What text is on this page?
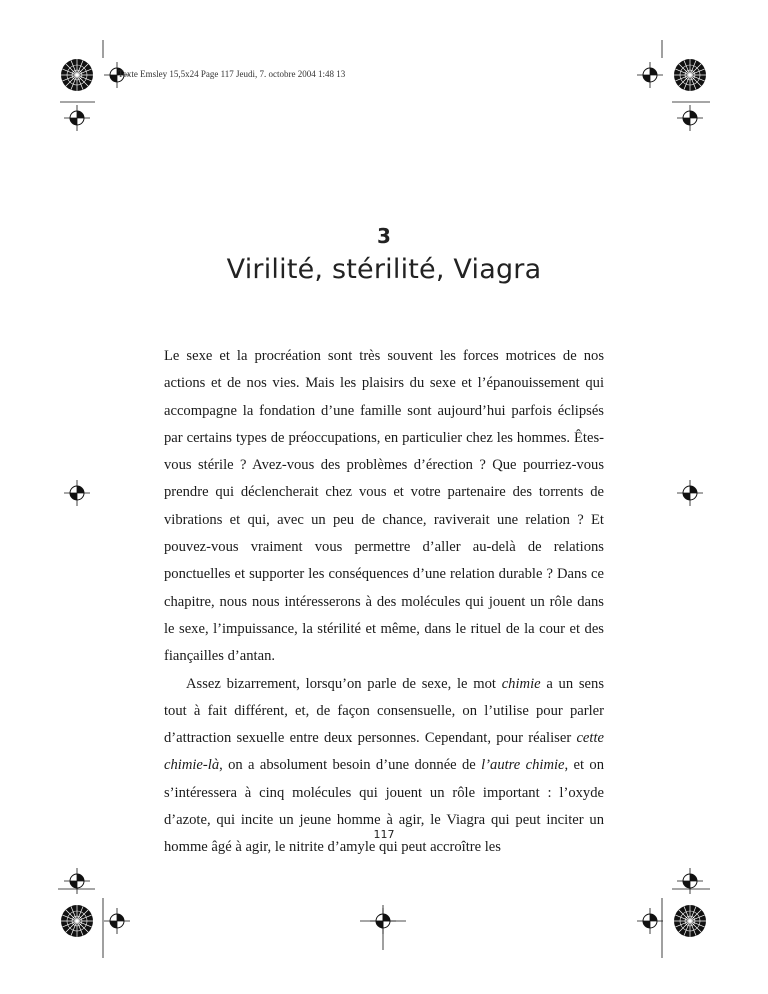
Texte Emsley 15,5x24 Page 117 Jeudi, 7. octobre 2004 1:48 13
3
Virilité, stérilité, Viagra

Le sexe et la procréation sont très souvent les forces motrices de nos actions et de nos vies. Mais les plaisirs du sexe et l’épanouissement qui accompagne la fondation d’une famille sont aujourd’hui parfois éclipsés par certains types de préoccupations, en particulier chez les hommes. Êtes-vous stérile ? Avez-vous des problèmes d’érection ? Que pourriez-vous prendre qui déclencherait chez vous et votre partenaire des torrents de vibrations et qui, avec un peu de chance, raviverait une relation ? Et pouvez-vous vraiment vous permettre d’aller au-delà de relations ponctuelles et supporter les conséquences d’une relation durable ? Dans ce chapitre, nous nous intéresserons à des molécules qui jouent un rôle dans le sexe, l’impuissance, la stérilité et même, dans le rituel de la cour et des fiançailles d’antan.

Assez bizarrement, lorsqu’on parle de sexe, le mot chimie a un sens tout à fait différent, et, de façon consensuelle, on l’utilise pour parler d’attraction sexuelle entre deux personnes. Cependant, pour réaliser cette chimie-là, on a absolument besoin d’une donnée de l’autre chimie, et on s’intéressera à cinq molécules qui jouent un rôle important : l’oxyde d’azote, qui incite un jeune homme à agir, le Viagra qui peut inciter un homme âgé à agir, le nitrite d’amyle qui peut accroître les

117
